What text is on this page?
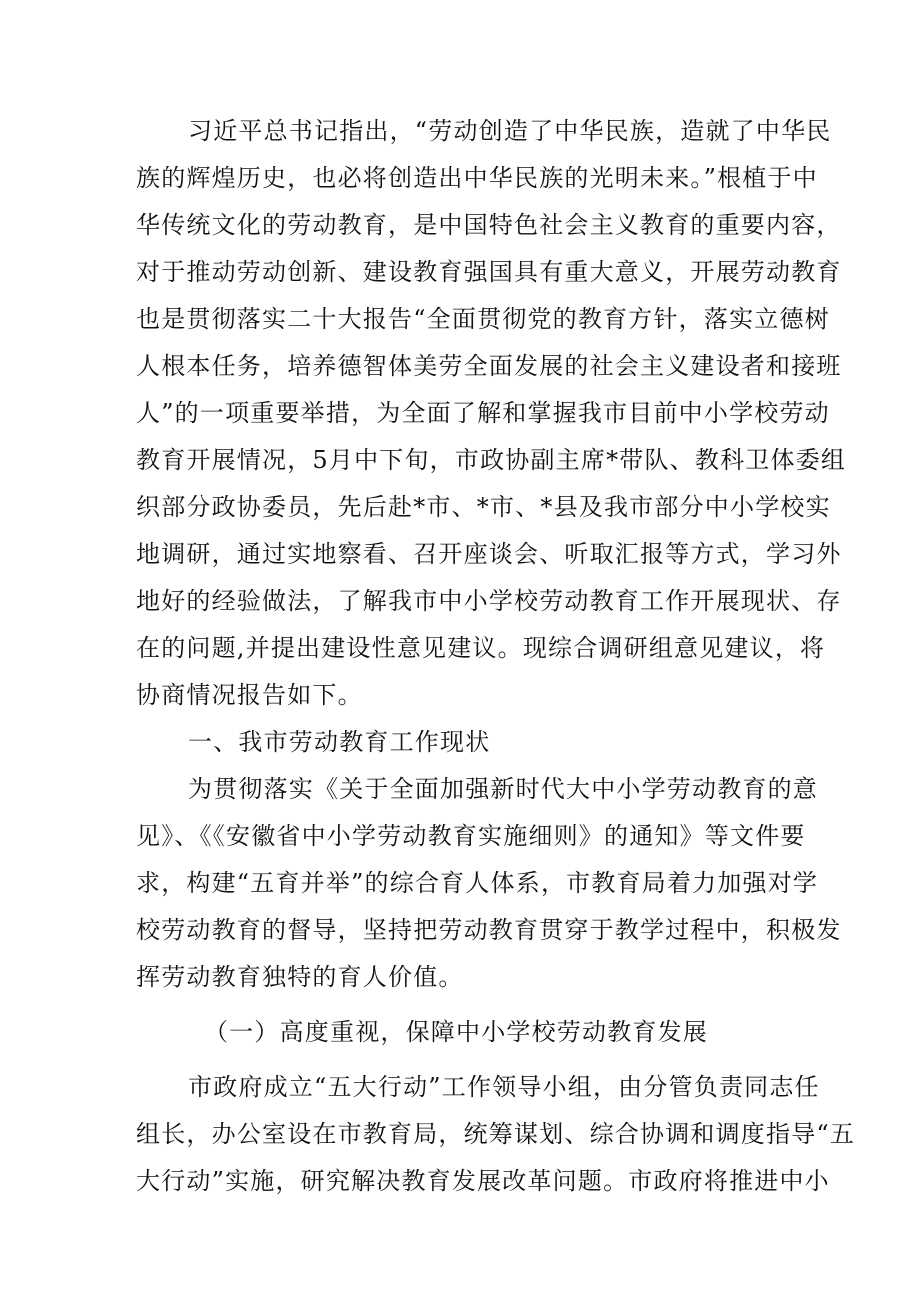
习近平总书记指出，“劳动创造了中华民族，造就了中华民
族的辉煌历史，也必将创造出中华民族的光明未来。”根植于中
华传统文化的劳动教育，是中国特色社会主义教育的重要内容，
对于推动劳动创新、建设教育强国具有重大意义，开展劳动教育
也是贯彻落实二十大报告“全面贯彻党的教育方针，落实立德树
人根本任务，培养德智体美劳全面发展的社会主义建设者和接班
人”的一项重要举措，为全面了解和掌握我市目前中小学校劳动
教育开展情况，5月中下旬，市政协副主席*带队、教科卫体委组
织部分政协委员，先后赴*市、*市、*县及我市部分中小学校实
地调研，通过实地察看、召开座谈会、听取汇报等方式，学习外
地好的经验做法，了解我市中小学校劳动教育工作开展现状、存
在的问题,并提出建设性意见建议。现综合调研组意见建议，将
协商情况报告如下。
一、我市劳动教育工作现状
为贯彻落实《关于全面加强新时代大中小学劳动教育的意
见》、《《安徽省中小学劳动教育实施细则》的通知》等文件要
求，构建“五育并举”的综合育人体系，市教育局着力加强对学
校劳动教育的督导，坚持把劳动教育贯穿于教学过程中，积极发
挥劳动教育独特的育人价值。
（一）高度重视，保障中小学校劳动教育发展
市政府成立“五大行动”工作领导小组，由分管负责同志任
组长，办公室设在市教育局，统筹谋划、综合协调和调度指导“五
大行动”实施，研究解决教育发展改革问题。市政府将推进中小
